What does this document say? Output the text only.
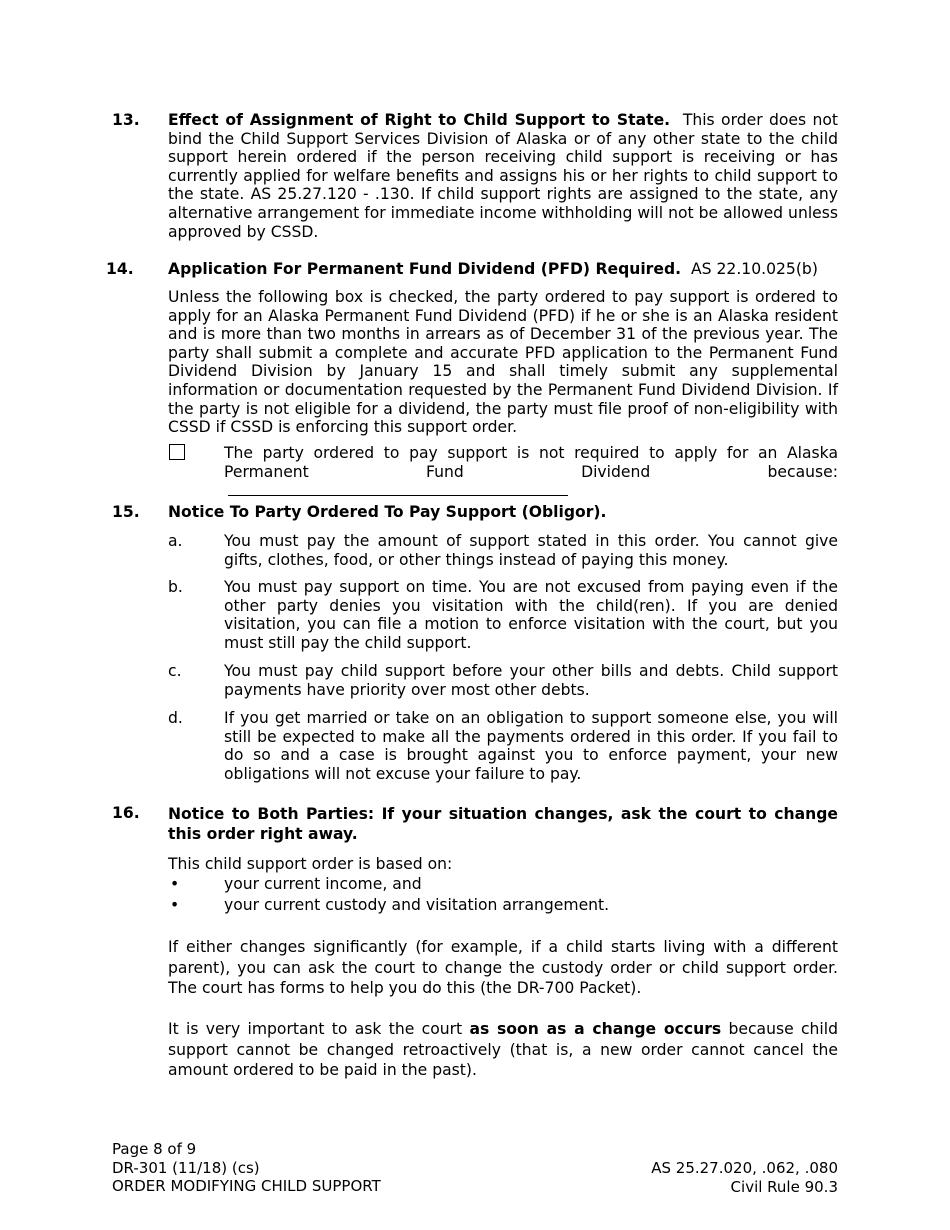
13. Effect of Assignment of Right to Child Support to State. This order does not bind the Child Support Services Division of Alaska or of any other state to the child support herein ordered if the person receiving child support is receiving or has currently applied for welfare benefits and assigns his or her rights to child support to the state. AS 25.27.120 - .130. If child support rights are assigned to the state, any alternative arrangement for immediate income withholding will not be allowed unless approved by CSSD.
14. Application For Permanent Fund Dividend (PFD) Required. AS 22.10.025(b)
Unless the following box is checked, the party ordered to pay support is ordered to apply for an Alaska Permanent Fund Dividend (PFD) if he or she is an Alaska resident and is more than two months in arrears as of December 31 of the previous year. The party shall submit a complete and accurate PFD application to the Permanent Fund Dividend Division by January 15 and shall timely submit any supplemental information or documentation requested by the Permanent Fund Dividend Division. If the party is not eligible for a dividend, the party must file proof of non-eligibility with CSSD if CSSD is enforcing this support order.
The party ordered to pay support is not required to apply for an Alaska Permanent Fund Dividend because:
15. Notice To Party Ordered To Pay Support (Obligor).
a.	You must pay the amount of support stated in this order. You cannot give gifts, clothes, food, or other things instead of paying this money.
b.	You must pay support on time. You are not excused from paying even if the other party denies you visitation with the child(ren). If you are denied visitation, you can file a motion to enforce visitation with the court, but you must still pay the child support.
c.	You must pay child support before your other bills and debts. Child support payments have priority over most other debts.
d.	If you get married or take on an obligation to support someone else, you will still be expected to make all the payments ordered in this order. If you fail to do so and a case is brought against you to enforce payment, your new obligations will not excuse your failure to pay.
16. Notice to Both Parties: If your situation changes, ask the court to change this order right away.
This child support order is based on:
•	your current income, and
•	your current custody and visitation arrangement.
If either changes significantly (for example, if a child starts living with a different parent), you can ask the court to change the custody order or child support order. The court has forms to help you do this (the DR-700 Packet).
It is very important to ask the court as soon as a change occurs because child support cannot be changed retroactively (that is, a new order cannot cancel the amount ordered to be paid in the past).
Page 8 of 9
DR-301 (11/18) (cs)
ORDER MODIFYING CHILD SUPPORT
AS 25.27.020, .062, .080
Civil Rule 90.3
